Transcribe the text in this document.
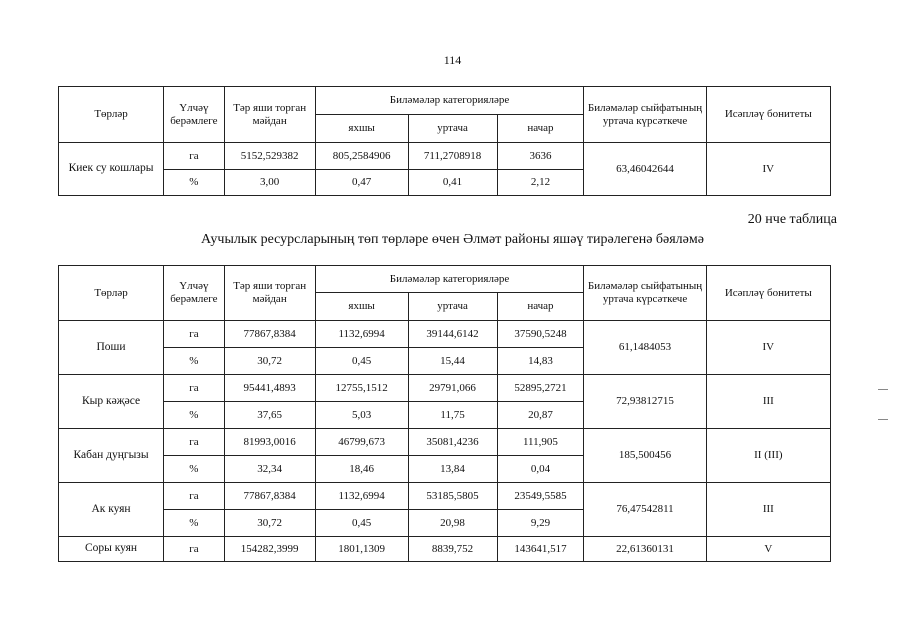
114
Төрләр	Үлчәү берәмлеге	Тәр яши торган мәйдан	Биләмәләр категорияләре			Биләмәләр сыйфатының уртача күрсәткече	Исәпләү бонитеты
			яхшы	уртача	начар		
Киек су кошлары	га	5152,529382	805,2584906	711,2708918	3636	63,46042644	IV
	%	3,00	0,47	0,41	2,12		
20 нче таблица
Аучылык ресурсларының төп төрләре өчен Әлмәт районы яшәү тирәлегенә бәяләмә
Төрләр	Үлчәү берәмлеге	Тәр яши торган мәйдан	Биләмәләр категорияләре			Биләмәләр сыйфатының уртача күрсәткече	Исәпләү бонитеты
			яхшы	уртача	начар		
Поши	га	77867,8384	1132,6994	39144,6142	37590,5248	61,1484053	IV
	%	30,72	0,45	15,44	14,83		
Кыр кәҗәсе	га	95441,4893	12755,1512	29791,066	52895,2721	72,93812715	III
	%	37,65	5,03	11,75	20,87		
Кабан дуңгызы	га	81993,0016	46799,673	35081,4236	111,905	185,500456	II (III)
	%	32,34	18,46	13,84	0,04		
Ак куян	га	77867,8384	1132,6994	53185,5805	23549,5585	76,47542811	III
	%	30,72	0,45	20,98	9,29		
Соры куян	га	154282,3999	1801,1309	8839,752	143641,517	22,61360131	V
